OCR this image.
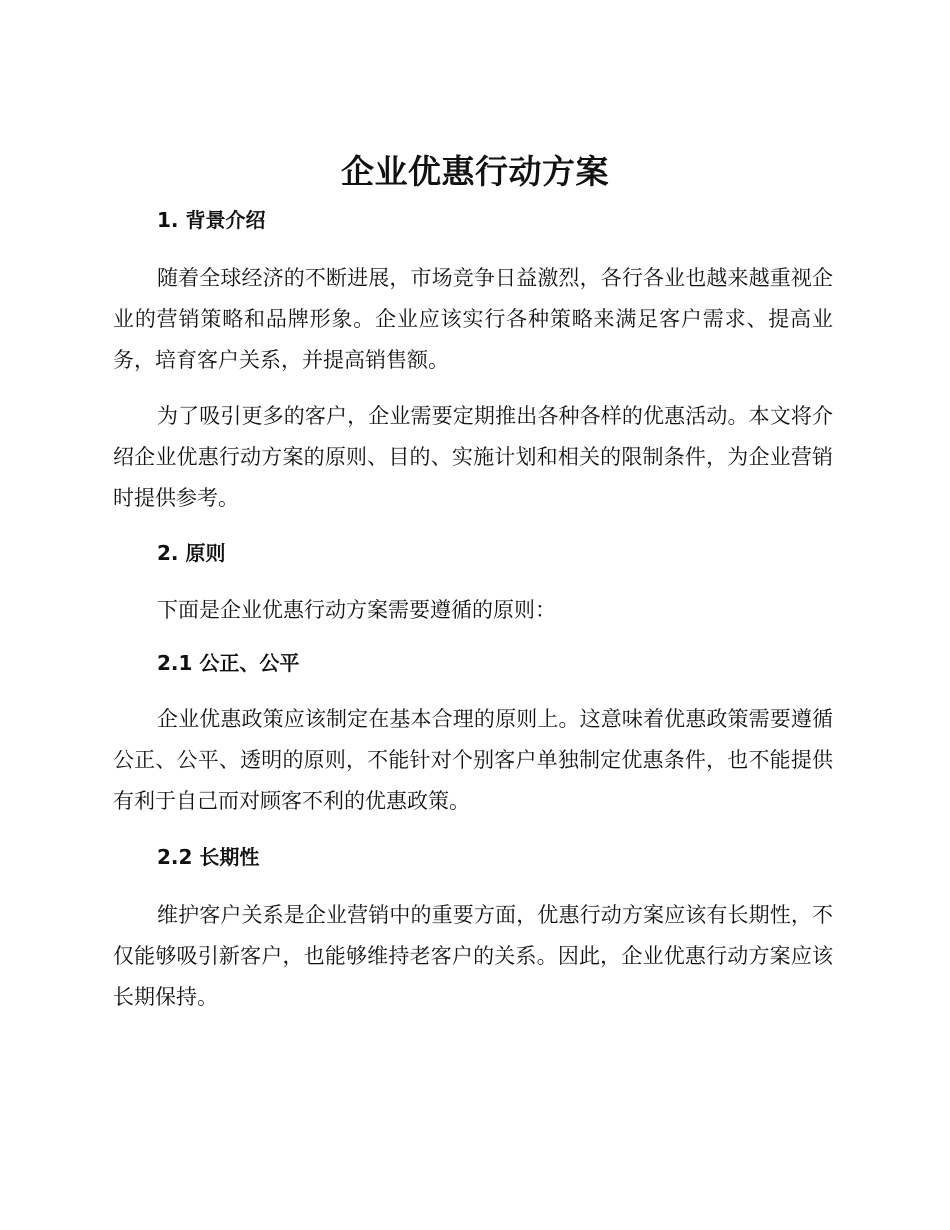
企业优惠行动方案
1. 背景介绍

随着全球经济的不断进展，市场竞争日益激烈，各行各业也越来越重视企业的营销策略和品牌形象。企业应该实行各种策略来满足客户需求、提高业务，培育客户关系，并提高销售额。

为了吸引更多的客户，企业需要定期推出各种各样的优惠活动。本文将介绍企业优惠行动方案的原则、目的、实施计划和相关的限制条件，为企业营销时提供参考。

2. 原则

下面是企业优惠行动方案需要遵循的原则：

2.1 公正、公平

企业优惠政策应该制定在基本合理的原则上。这意味着优惠政策需要遵循公正、公平、透明的原则，不能针对个别客户单独制定优惠条件，也不能提供有利于自己而对顾客不利的优惠政策。

2.2 长期性

维护客户关系是企业营销中的重要方面，优惠行动方案应该有长期性，不仅能够吸引新客户，也能够维持老客户的关系。因此，企业优惠行动方案应该长期保持。
